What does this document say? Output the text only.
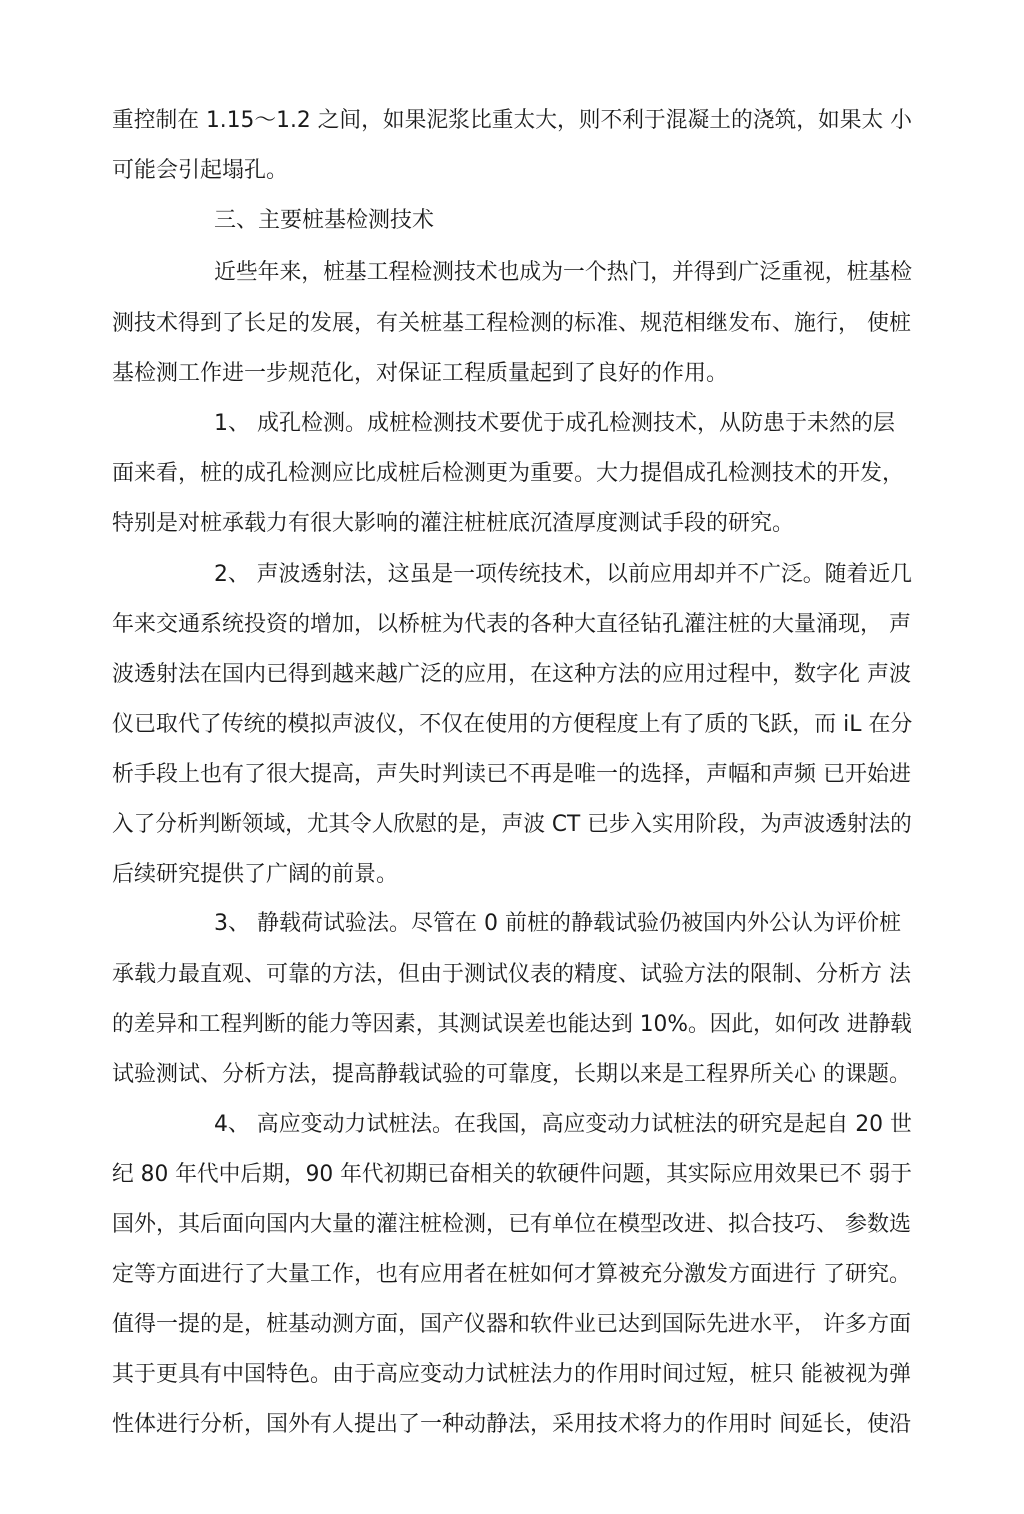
重控制在 1.15～1.2 之间，如果泥浆比重太大，则不利于混凝土的浇筑，如果太 小
可能会引起塌孔。
三、主要桩基检测技术
近些年来，桩基工程检测技术也成为一个热门，并得到广泛重视，桩基检
测技术得到了长足的发展，有关桩基工程检测的标准、规范相继发布、施行， 使桩
基检测工作进一步规范化，对保证工程质量起到了良好的作用。
1、 成孔检测。成桩检测技术要优于成孔检测技术，从防患于未然的层
面来看，桩的成孔检测应比成桩后检测更为重要。大力提倡成孔检测技术的开发，
特别是对桩承载力有很大影响的灌注桩桩底沉渣厚度测试手段的研究。
2、 声波透射法，这虽是一项传统技术，以前应用却并不广泛。随着近几
年来交通系统投资的增加，以桥桩为代表的各种大直径钻孔灌注桩的大量涌现， 声
波透射法在国内已得到越来越广泛的应用，在这种方法的应用过程中，数字化 声波
仪已取代了传统的模拟声波仪，不仅在使用的方便程度上有了质的飞跃，而 iL 在分
析手段上也有了很大提高，声失时判读已不再是唯一的选择，声幅和声频 已开始进
入了分析判断领域，尤其令人欣慰的是，声波 CT 已步入实用阶段，为声波透射法的
后续研究提供了广阔的前景。
3、 静载荷试验法。尽管在 0 前桩的静载试验仍被国内外公认为评价桩
承载力最直观、可靠的方法，但由于测试仪表的精度、试验方法的限制、分析方 法
的差异和工程判断的能力等因素，其测试误差也能达到 10%。因此，如何改 进静载
试验测试、分析方法，提高静载试验的可靠度，长期以来是工程界所关心 的课题。
4、 高应变动力试桩法。在我国，高应变动力试桩法的研究是起自 20 世
纪 80 年代中后期，90 年代初期已奋相关的软硬件问题，其实际应用效果已不 弱于
国外，其后面向国内大量的灌注桩检测，已有单位在模型改进、拟合技巧、 参数选
定等方面进行了大量工作，也有应用者在桩如何才算被充分激发方面进行 了研究。
值得一提的是，桩基动测方面，国产仪器和软件业已达到国际先进水平， 许多方面
其于更具有中国特色。由于高应变动力试桩法力的作用时间过短，桩只 能被视为弹
性体进行分析，国外有人提出了一种动静法，采用技术将力的作用时 间延长，使沿
